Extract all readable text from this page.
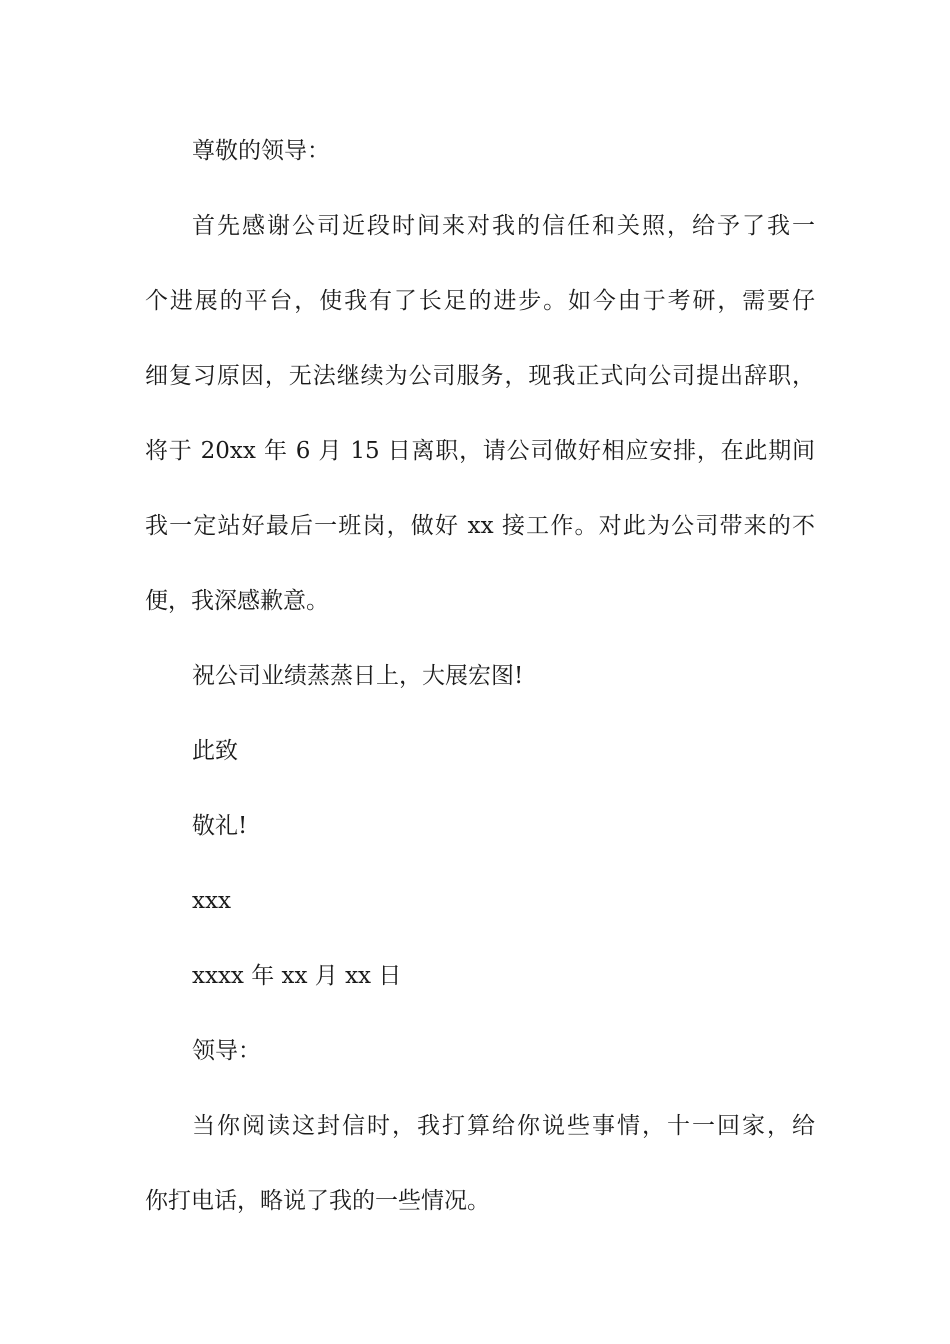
尊敬的领导：
首先感谢公司近段时间来对我的信任和关照，给予了我一
个进展的平台，使我有了长足的进步。如今由于考研，需要仔
细复习原因，无法继续为公司服务，现我正式向公司提出辞职，
将于 20xx 年 6 月 15 日离职，请公司做好相应安排，在此期间
我一定站好最后一班岗，做好 xx 接工作。对此为公司带来的不
便，我深感歉意。
祝公司业绩蒸蒸日上，大展宏图!
此致
敬礼!
xxx
xxxx 年 xx 月 xx 日
领导：
当你阅读这封信时，我打算给你说些事情，十一回家，给
你打电话，略说了我的一些情况。
